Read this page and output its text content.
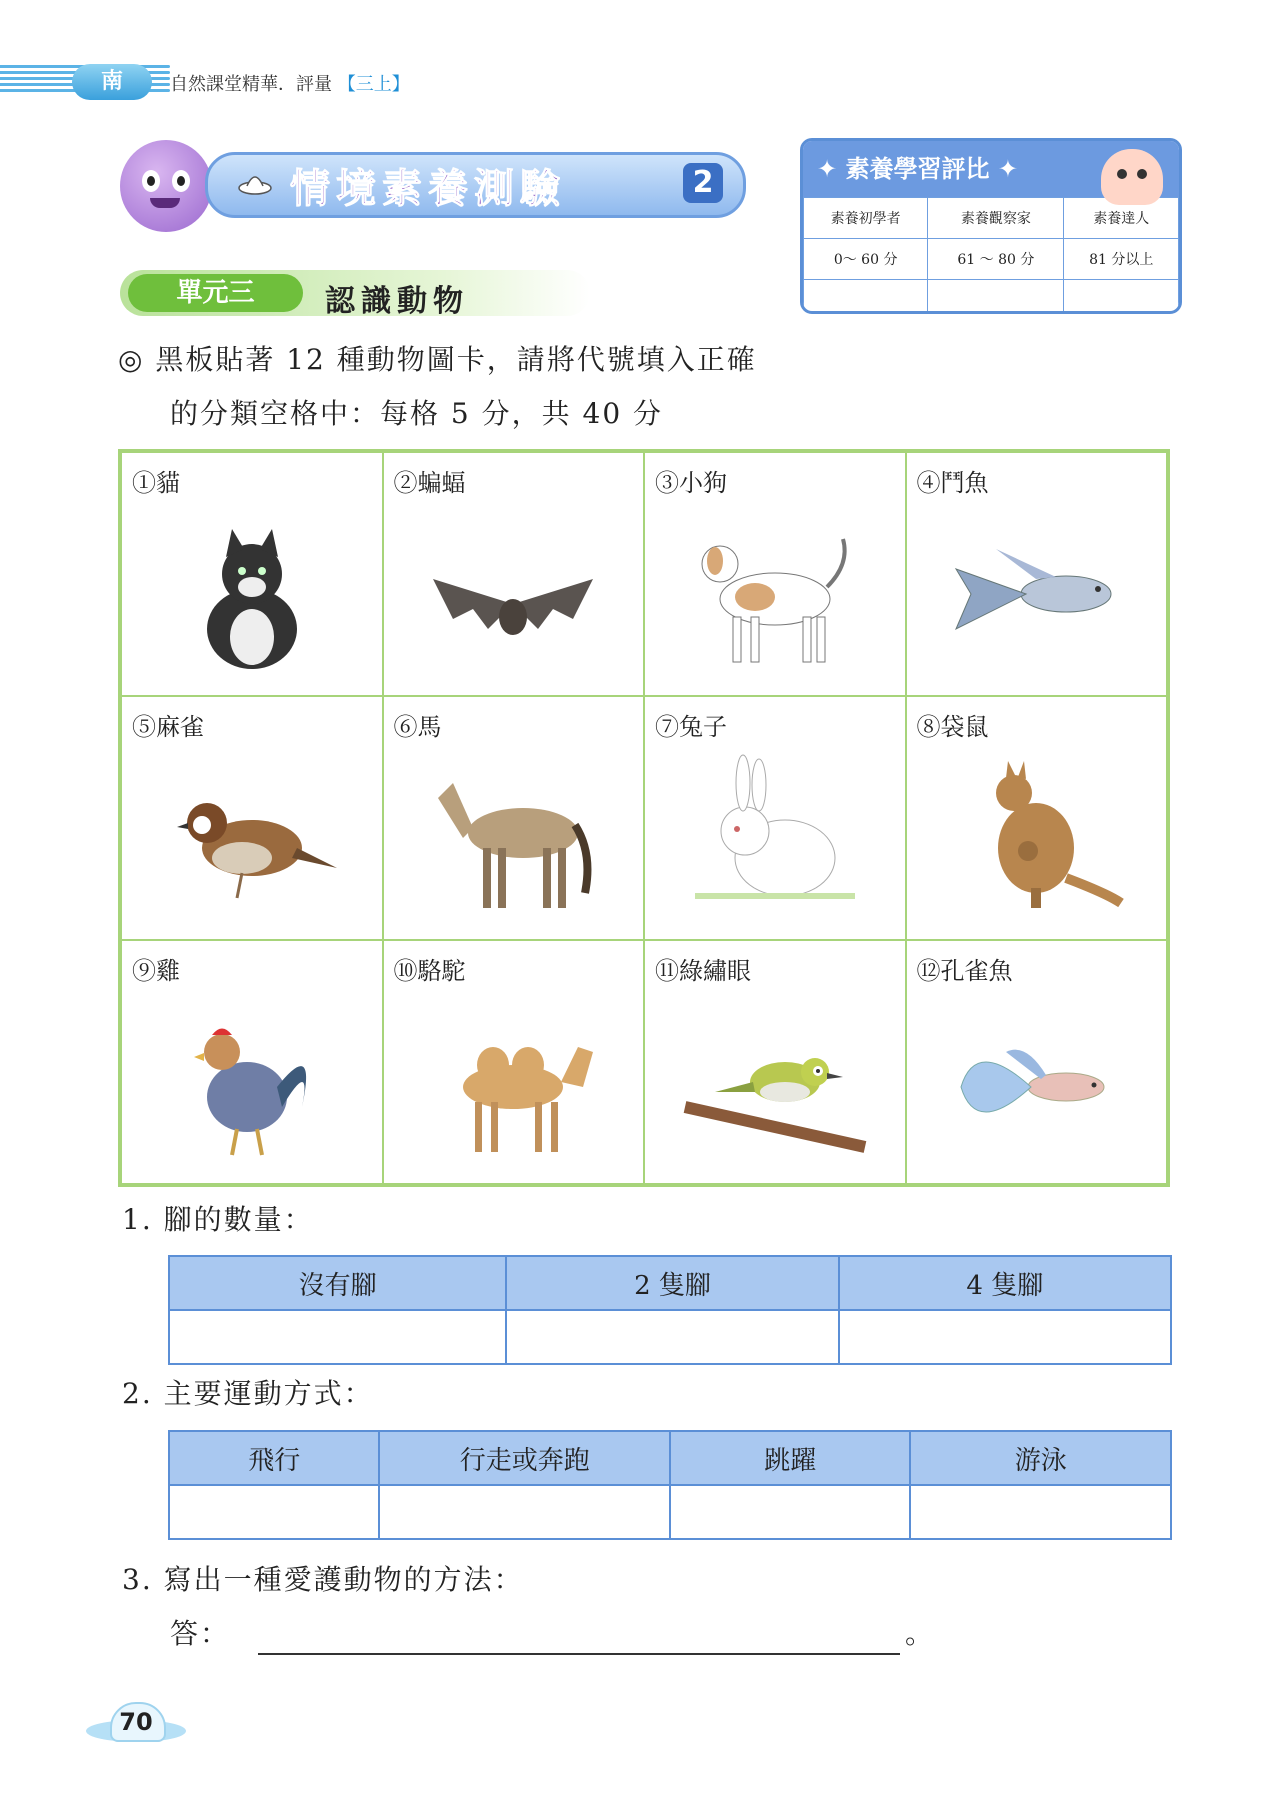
南	自然課堂精華．評量 【三上】
情境素養測驗	2	✦ 素養學習評比 ✦
素養初學者	素養觀察家	素養達人
0～ 60 分	61 ～ 80 分	81 分以上

單元三	認識動物
◎ 黑板貼著 12 種動物圖卡，請將代號填入正確
的分類空格中：每格 5 分，共 40 分
①貓	②蝙蝠	③小狗	④鬥魚
⑤麻雀	⑥馬	⑦兔子	⑧袋鼠
⑨雞	⑩駱駝	⑪綠繡眼	⑫孔雀魚
1. 腳的數量：
沒有腳	2 隻腳	4 隻腳

2. 主要運動方式：
飛行	行走或奔跑	跳躍	游泳

3. 寫出一種愛護動物的方法：
答：	。
70
